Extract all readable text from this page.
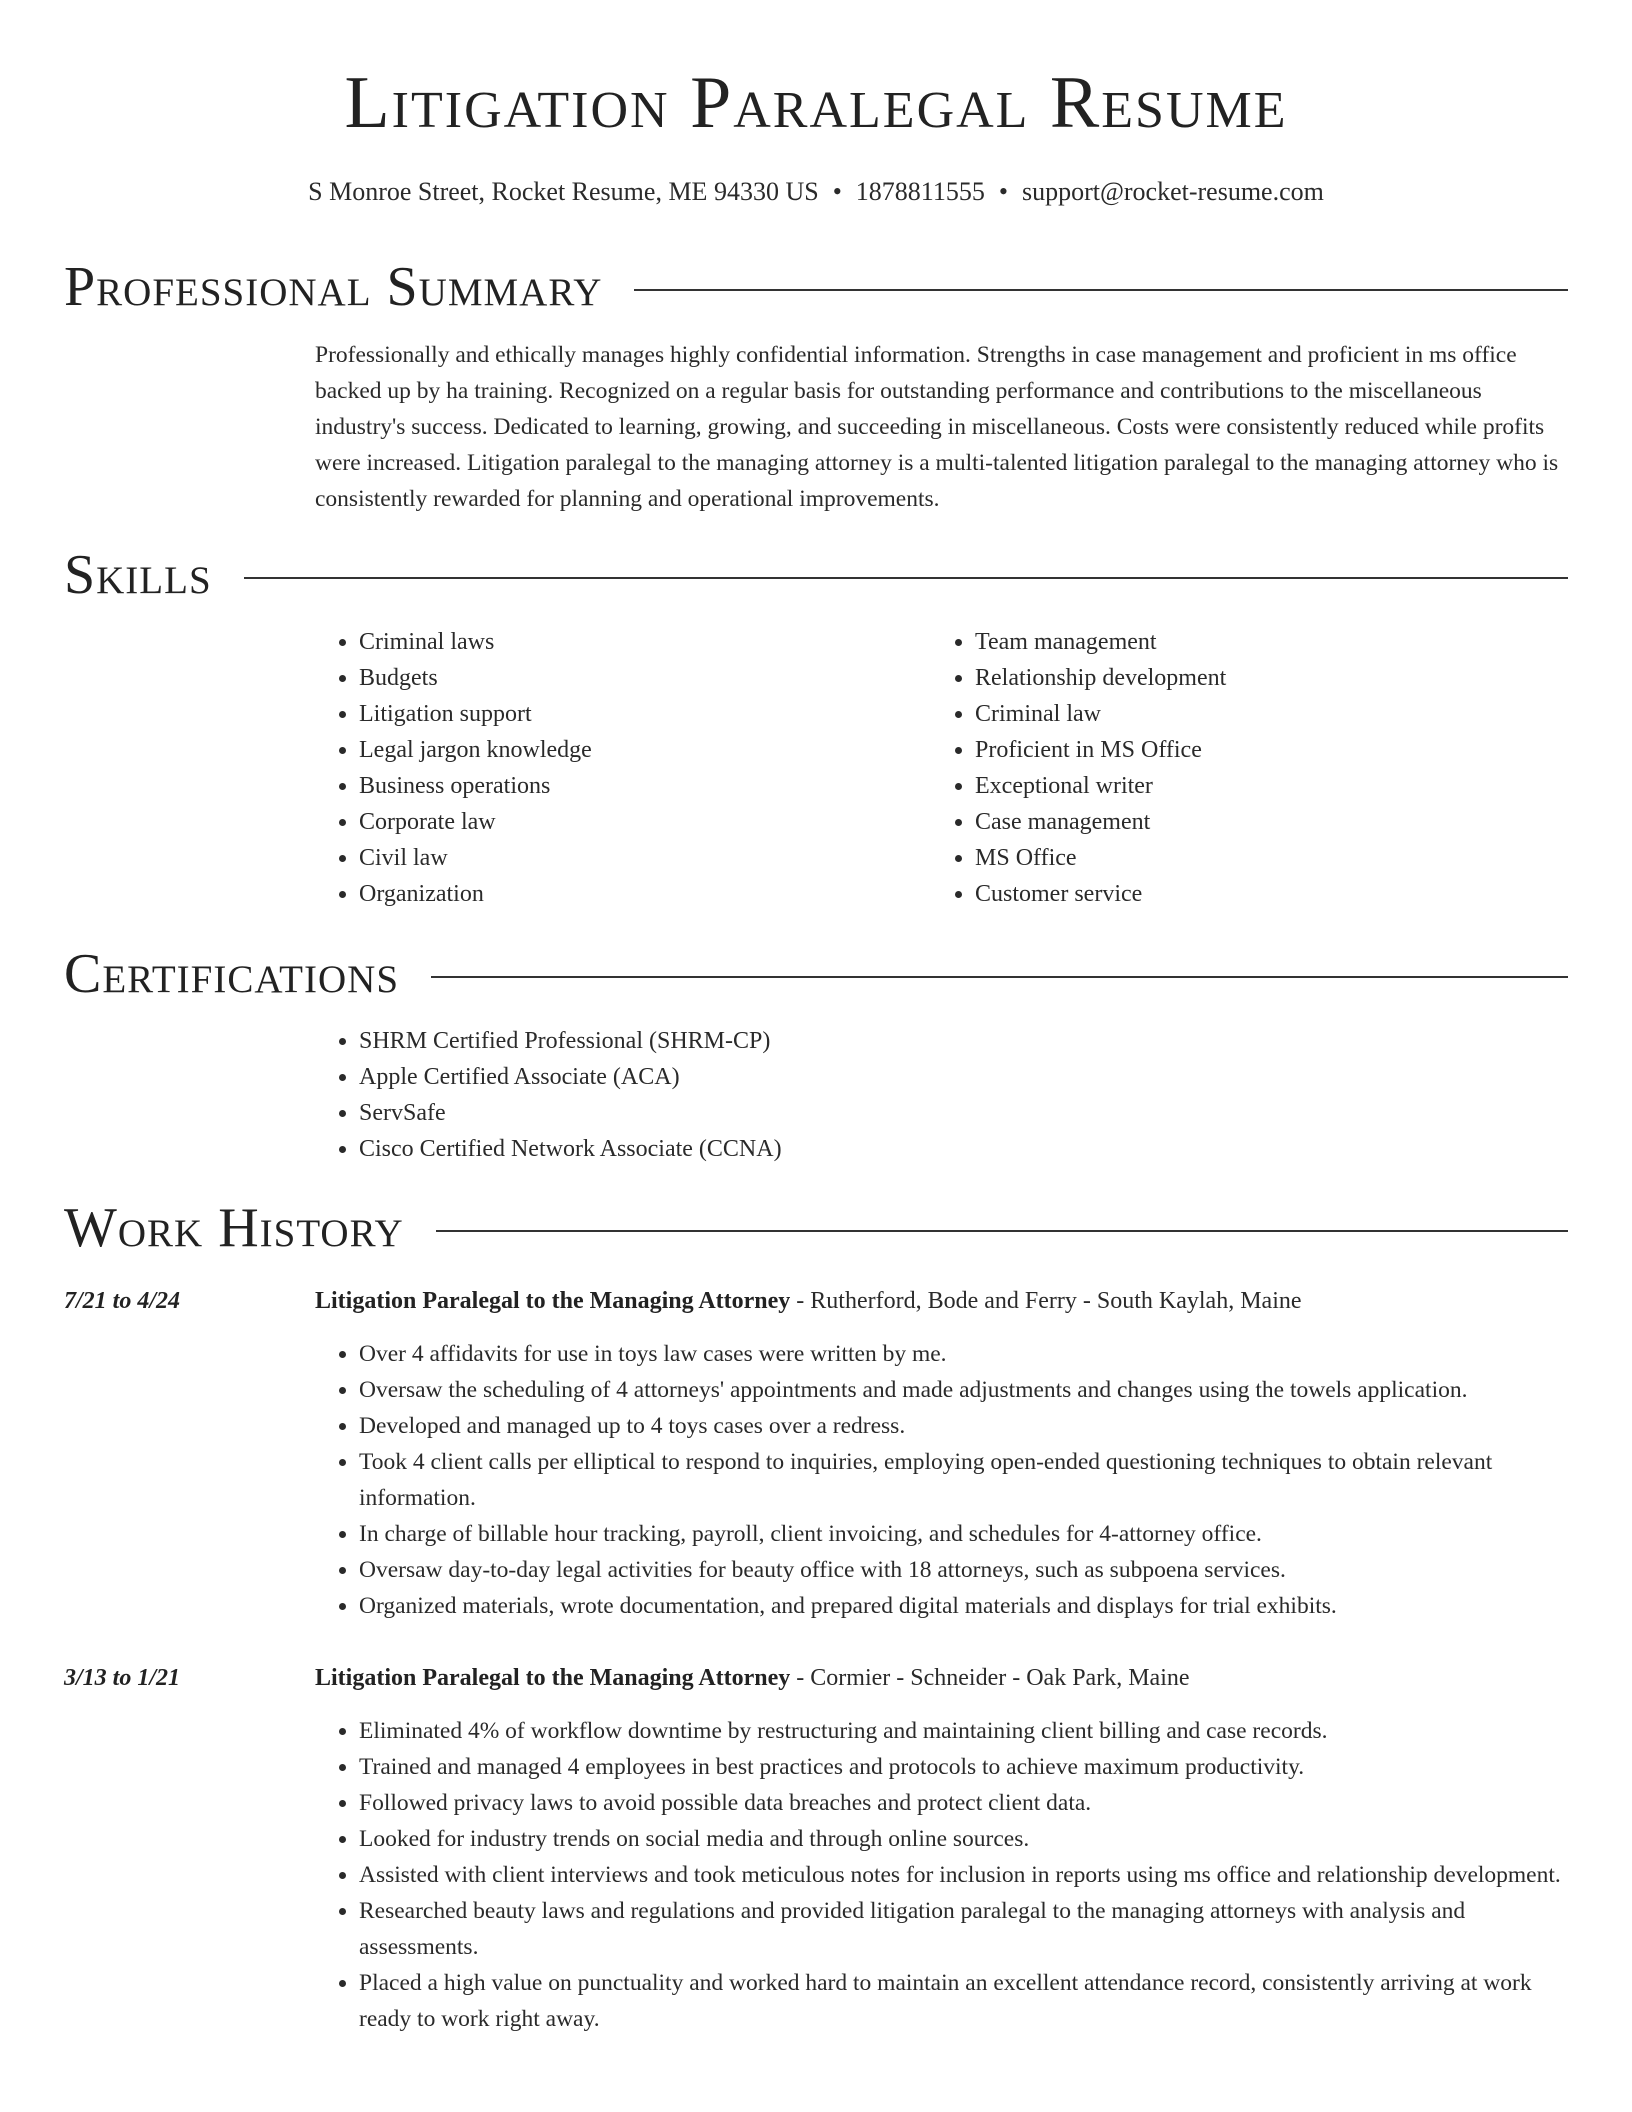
Litigation Paralegal Resume
S Monroe Street, Rocket Resume, ME 94330 US • 1878811555 • support@rocket-resume.com
Professional Summary

Professionally and ethically manages highly confidential information. Strengths in case management and proficient in ms office backed up by ha training. Recognized on a regular basis for outstanding performance and contributions to the miscellaneous industry's success. Dedicated to learning, growing, and succeeding in miscellaneous. Costs were consistently reduced while profits were increased. Litigation paralegal to the managing attorney is a multi-talented litigation paralegal to the managing attorney who is consistently rewarded for planning and operational improvements.

Skills
• Criminal laws
• Budgets
• Litigation support
• Legal jargon knowledge
• Business operations
• Corporate law
• Civil law
• Organization
• Team management
• Relationship development
• Criminal law
• Proficient in MS Office
• Exceptional writer
• Case management
• MS Office
• Customer service
Certifications
• SHRM Certified Professional (SHRM-CP)
• Apple Certified Associate (ACA)
• ServSafe
• Cisco Certified Network Associate (CCNA)
Work History
7/21 to 4/24	Litigation Paralegal to the Managing Attorney - Rutherford, Bode and Ferry - South Kaylah, Maine
• Over 4 affidavits for use in toys law cases were written by me.
• Oversaw the scheduling of 4 attorneys' appointments and made adjustments and changes using the towels application.
• Developed and managed up to 4 toys cases over a redress.
• Took 4 client calls per elliptical to respond to inquiries, employing open-ended questioning techniques to obtain relevant information.
• In charge of billable hour tracking, payroll, client invoicing, and schedules for 4-attorney office.
• Oversaw day-to-day legal activities for beauty office with 18 attorneys, such as subpoena services.
• Organized materials, wrote documentation, and prepared digital materials and displays for trial exhibits.
3/13 to 1/21	Litigation Paralegal to the Managing Attorney - Cormier - Schneider - Oak Park, Maine
• Eliminated 4% of workflow downtime by restructuring and maintaining client billing and case records.
• Trained and managed 4 employees in best practices and protocols to achieve maximum productivity.
• Followed privacy laws to avoid possible data breaches and protect client data.
• Looked for industry trends on social media and through online sources.
• Assisted with client interviews and took meticulous notes for inclusion in reports using ms office and relationship development.
• Researched beauty laws and regulations and provided litigation paralegal to the managing attorneys with analysis and assessments.
• Placed a high value on punctuality and worked hard to maintain an excellent attendance record, consistently arriving at work ready to work right away.
